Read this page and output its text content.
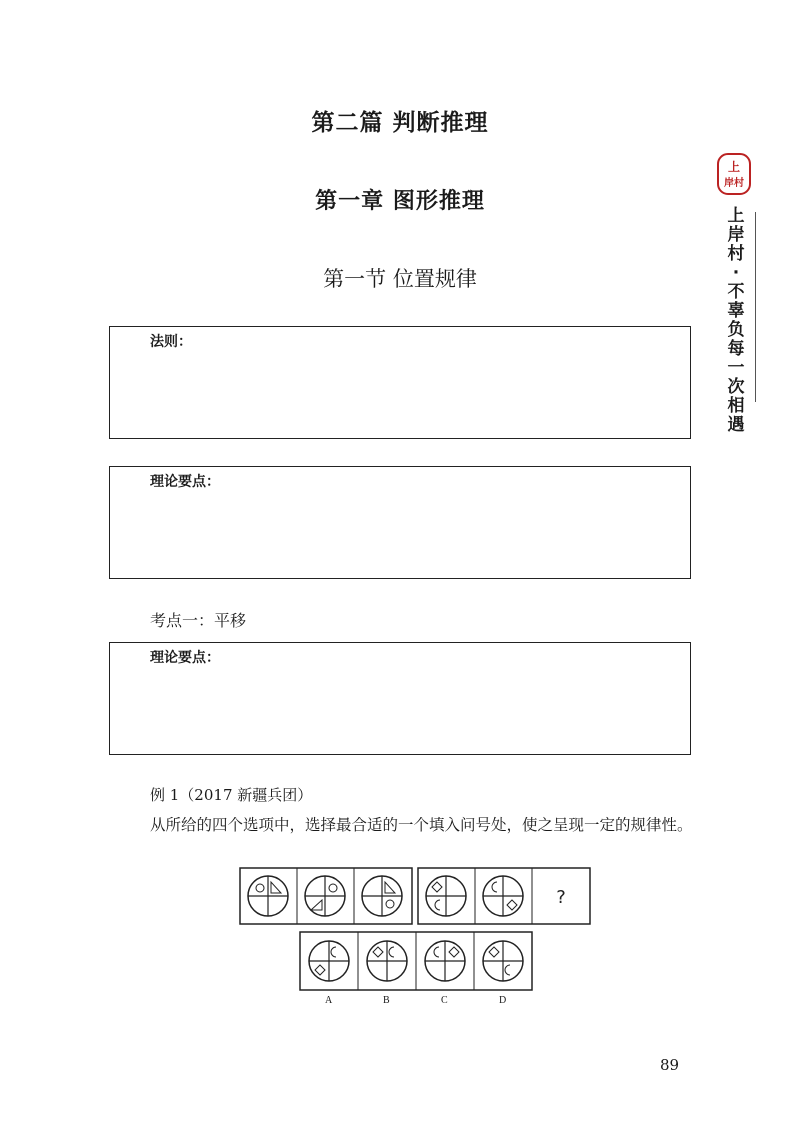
上
岸村
上
岸
村
·
不
辜
负
每
一
次
相
遇
第二篇 判断推理
第一章 图形推理
第一节 位置规律
法则：
理论要点：
考点一：平移
理论要点：
例 1（2017 新疆兵团）
从所给的四个选项中，选择最合适的一个填入问号处，使之呈现一定的规律性。
?
A	B	C	D
89
